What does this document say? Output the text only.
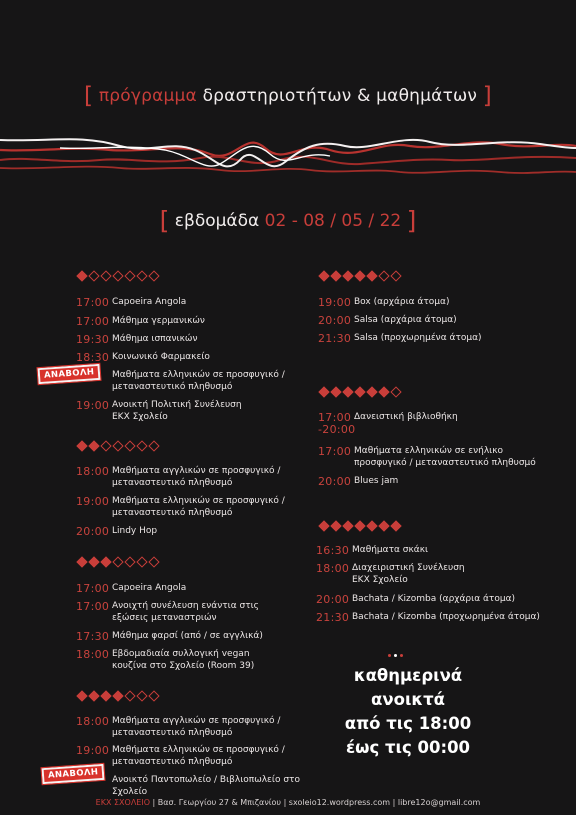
[ πρόγραμμα δραστηριοτήτων & μαθημάτων ]
[ εβδομάδα 02 - 08 / 05 / 22 ]
17:00 Capoeira Angola
17:00 Μάθημα γερμανικών
19:30 Μάθημα ισπανικών
18:30 Κοινωνικό Φαρμακείο
ΑΝΑΒΟΛΗ	Μαθήματα ελληνικών σε προσφυγικό / μεταναστευτικό πληθυσμό
19:00 Ανοικτή Πολιτική Συνέλευση ΕΚΧ Σχολείο
18:00 Μαθήματα αγγλικών σε προσφυγικό / μεταναστευτικό πληθυσμό
19:00 Μαθήματα ελληνικών σε προσφυγικό / μεταναστευτικό πληθυσμό
20:00 Lindy Hop
17:00 Capoeira Angola
17:00 Ανοιχτή συνέλευση ενάντια στις εξώσεις μεταναστριών
17:30 Μάθημα φαρσί (από / σε αγγλικά)
18:00 Εβδομαδιαία συλλογική vegan κουζίνα στο Σχολείο (Room 39)
18:00 Μαθήματα αγγλικών σε προσφυγικό / μεταναστευτικό πληθυσμό
19:00 Μαθήματα ελληνικών σε προσφυγικό / μεταναστευτικό πληθυσμό
ΑΝΑΒΟΛΗ	Ανοικτό Παντοπωλείο / Βιβλιοπωλείο στο Σχολείο
19:00 Box (αρχάρια άτομα)
20:00 Salsa (αρχάρια άτομα)
21:30 Salsa (προχωρημένα άτομα)
17:00 -20:00
Δανειστική βιβλιοθήκη
17:00 Μαθήματα ελληνικών σε ενήλικο προσφυγικό / μεταναστευτικό πληθυσμό
20:00 Blues jam
16:30 Μαθήματα σκάκι
18:00 Διαχειριστική Συνέλευση ΕΚΧ Σχολείο
20:00 Bachata / Kizomba (αρχάρια άτομα)
21:30 Bachata / Kizomba (προχωρημένα άτομα)
καθημερινά
ανοικτά
από τις 18:00
έως τις 00:00
ΕΚΧ ΣΧΟΛΕΙΟ | Βασ. Γεωργίου 27 & Μπιζανίου | sxoleio12.wordpress.com | libre12o@gmail.com
